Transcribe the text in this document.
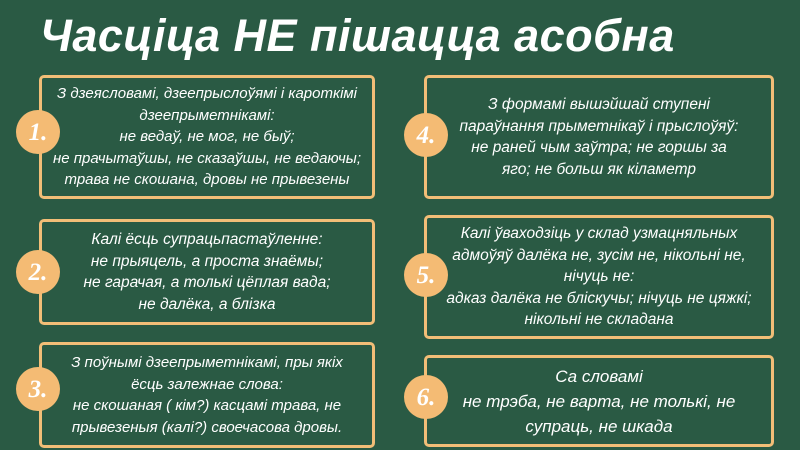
Часціца НЕ пішацца асобна
З дзеясловамі, дзеепрыслоўямі і кароткімі
дзеепрыметнікамі:
не ведаў, не мог, не быў;
не прачытаўшы, не сказаўшы, не ведаючы;
трава не скошана, дровы не прывезены
1.
Калі ёсць супрацьпастаўленне:
не прыяцель, а проста знаёмы;
не гарачая, а толькі цёплая вада;
не далёка, а блізка
2.
З поўнымі дзеепрыметнікамі, пры якіх
ёсць залежнае слова:
не скошаная ( кім?) касцамі трава, не
прывезеныя (калі?) своечасова дровы.
3.
З формамі вышэйшай ступені
параўнання прыметнікаў і прыслоўяў:
не раней чым заўтра; не горшы за
яго; не больш як кіламетр
4.
Калі ўваходзіць у склад узмацняльных
адмоўяў далёка не, зусім не, нікольні не,
нічуць не:
адказ далёка не бліскучы; нічуць не цяжкі;
нікольні не складана
5.
Са словамі
не трэба, не варта, не толькі, не
супраць, не шкада
6.
